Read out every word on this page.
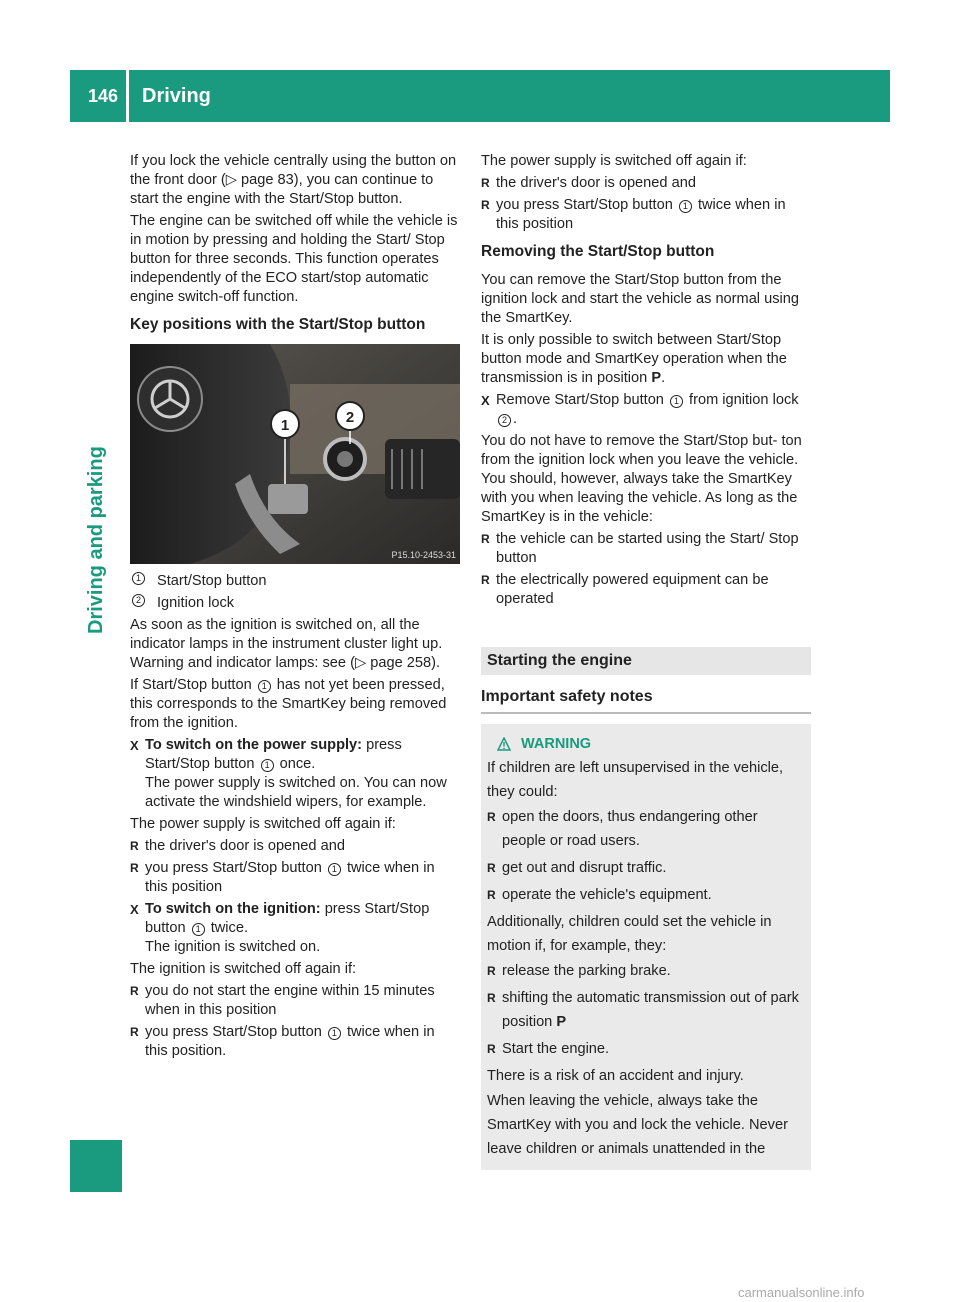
146	Driving
Driving and parking

If you lock the vehicle centrally using the button on the front door (▷ page 83), you can continue to start the engine with the Start/Stop button.

The engine can be switched off while the vehicle is in motion by pressing and holding the Start/ Stop button for three seconds. This function operates independently of the ECO start/stop automatic engine switch-off function.

Key positions with the Start/Stop button
1	2
P15.10-2453-31
1 Start/Stop button
2 Ignition lock

As soon as the ignition is switched on, all the indicator lamps in the instrument cluster light up. Warning and indicator lamps: see (▷ page 258).

If Start/Stop button 1 has not yet been pressed, this corresponds to the SmartKey being removed from the ignition.

X To switch on the power supply: press Start/Stop button 1 once.
The power supply is switched on. You can now activate the windshield wipers, for example.

The power supply is switched off again if:

R the driver's door is opened and
R you press Start/Stop button 1 twice when in this position
X To switch on the ignition: press Start/Stop button 1 twice.
The ignition is switched on.

The ignition is switched off again if:

R you do not start the engine within 15 minutes when in this position
R you press Start/Stop button 1 twice when in this position.

The power supply is switched off again if:

R the driver's door is opened and
R you press Start/Stop button 1 twice when in this position
Removing the Start/Stop button

You can remove the Start/Stop button from the ignition lock and start the vehicle as normal using the SmartKey.

It is only possible to switch between Start/Stop button mode and SmartKey operation when the transmission is in position P.

X Remove Start/Stop button 1 from ignition lock 2 .

You do not have to remove the Start/Stop but- ton from the ignition lock when you leave the vehicle. You should, however, always take the SmartKey with you when leaving the vehicle. As long as the SmartKey is in the vehicle:

R the vehicle can be started using the Start/ Stop button
R the electrically powered equipment can be operated
Starting the engine
Important safety notes
WARNING

If children are left unsupervised in the vehicle, they could:

R open the doors, thus endangering other people or road users.
R get out and disrupt traffic.
R operate the vehicle's equipment.

Additionally, children could set the vehicle in motion if, for example, they:

R release the parking brake.
R shifting the automatic transmission out of park position P
R Start the engine.

There is a risk of an accident and injury.

When leaving the vehicle, always take the SmartKey with you and lock the vehicle. Never leave children or animals unattended in the

carmanualsonline.info
